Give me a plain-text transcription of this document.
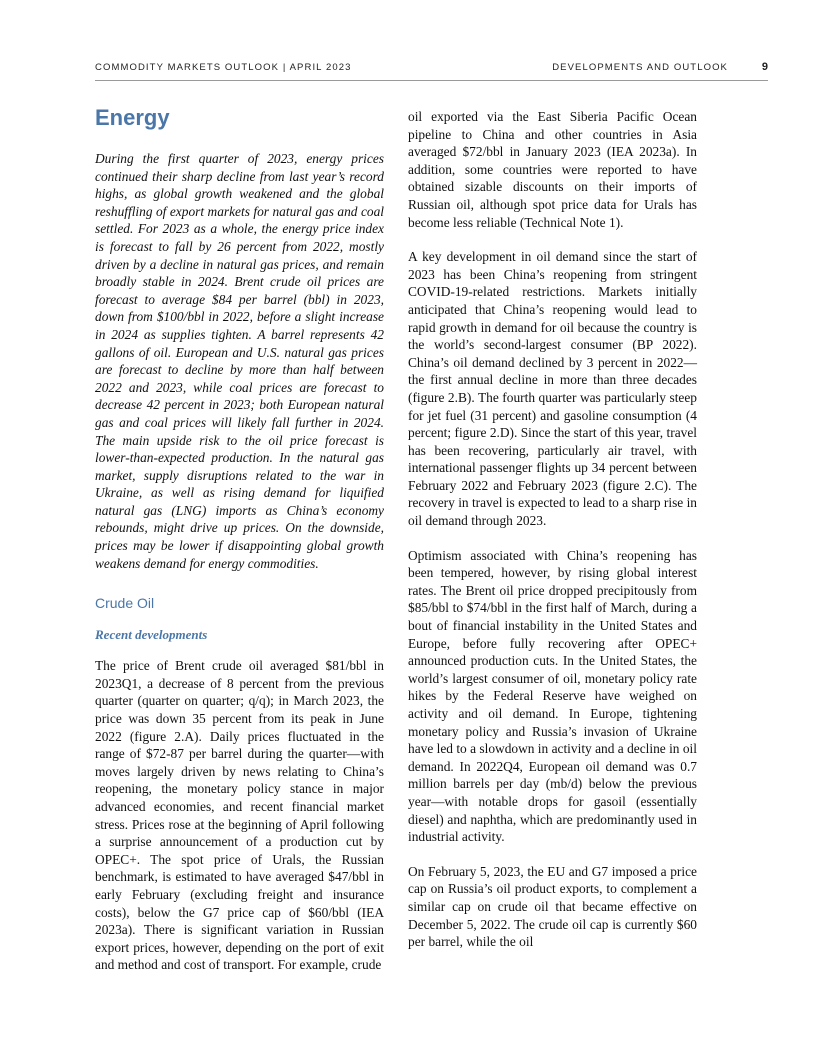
COMMODITY MARKETS OUTLOOK | APRIL 2023	DEVELOPMENTS AND OUTLOOK	9
Energy

During the first quarter of 2023, energy prices continued their sharp decline from last year’s record highs, as global growth weakened and the global reshuffling of export markets for natural gas and coal settled. For 2023 as a whole, the energy price index is forecast to fall by 26 percent from 2022, mostly driven by a decline in natural gas prices, and remain broadly stable in 2024. Brent crude oil prices are forecast to average $84 per barrel (bbl) in 2023, down from $100/bbl in 2022, before a slight increase in 2024 as supplies tighten. A barrel represents 42 gallons of oil. European and U.S. natural gas prices are forecast to decline by more than half between 2022 and 2023, while coal prices are forecast to decrease 42 percent in 2023; both European natural gas and coal prices will likely fall further in 2024. The main upside risk to the oil price forecast is lower-than-expected production. In the natural gas market, supply disruptions related to the war in Ukraine, as well as rising demand for liquified natural gas (LNG) imports as China’s economy rebounds, might drive up prices. On the downside, prices may be lower if disappointing global growth weakens demand for energy commodities.

Crude Oil
Recent developments

The price of Brent crude oil averaged $81/bbl in 2023Q1, a decrease of 8 percent from the previous quarter (quarter on quarter; q/q); in March 2023, the price was down 35 percent from its peak in June 2022 (figure 2.A). Daily prices fluctuated in the range of $72-87 per barrel during the quarter—with moves largely driven by news relating to China’s reopening, the monetary policy stance in major advanced economies, and recent financial market stress. Prices rose at the beginning of April following a surprise announcement of a production cut by OPEC+. The spot price of Urals, the Russian benchmark, is estimated to have averaged $47/bbl in early February (excluding freight and insurance costs), below the G7 price cap of $60/bbl (IEA 2023a). There is significant variation in Russian export prices, however, depending on the port of exit and method and cost of transport. For example, crude

oil exported via the East Siberia Pacific Ocean pipeline to China and other countries in Asia averaged $72/bbl in January 2023 (IEA 2023a). In addition, some countries were reported to have obtained sizable discounts on their imports of Russian oil, although spot price data for Urals has become less reliable (Technical Note 1).

A key development in oil demand since the start of 2023 has been China’s reopening from stringent COVID-19-related restrictions. Markets initially anticipated that China’s reopening would lead to rapid growth in demand for oil because the country is the world’s second-largest consumer (BP 2022). China’s oil demand declined by 3 percent in 2022—the first annual decline in more than three decades (figure 2.B). The fourth quarter was particularly steep for jet fuel (31 percent) and gasoline consumption (4 percent; figure 2.D). Since the start of this year, travel has been recovering, particularly air travel, with international passenger flights up 34 percent between February 2022 and February 2023 (figure 2.C). The recovery in travel is expected to lead to a sharp rise in oil demand through 2023.

Optimism associated with China’s reopening has been tempered, however, by rising global interest rates. The Brent oil price dropped precipitously from $85/bbl to $74/bbl in the first half of March, during a bout of financial instability in the United States and Europe, before fully recovering after OPEC+ announced production cuts. In the United States, the world’s largest consumer of oil, monetary policy rate hikes by the Federal Reserve have weighed on activity and oil demand. In Europe, tightening monetary policy and Russia’s invasion of Ukraine have led to a slowdown in activity and a decline in oil demand. In 2022Q4, European oil demand was 0.7 million barrels per day (mb/d) below the previous year—with notable drops for gasoil (essentially diesel) and naphtha, which are predominantly used in industrial activity.

On February 5, 2023, the EU and G7 imposed a price cap on Russia’s oil product exports, to complement a similar cap on crude oil that became effective on December 5, 2022. The crude oil cap is currently $60 per barrel, while the oil
